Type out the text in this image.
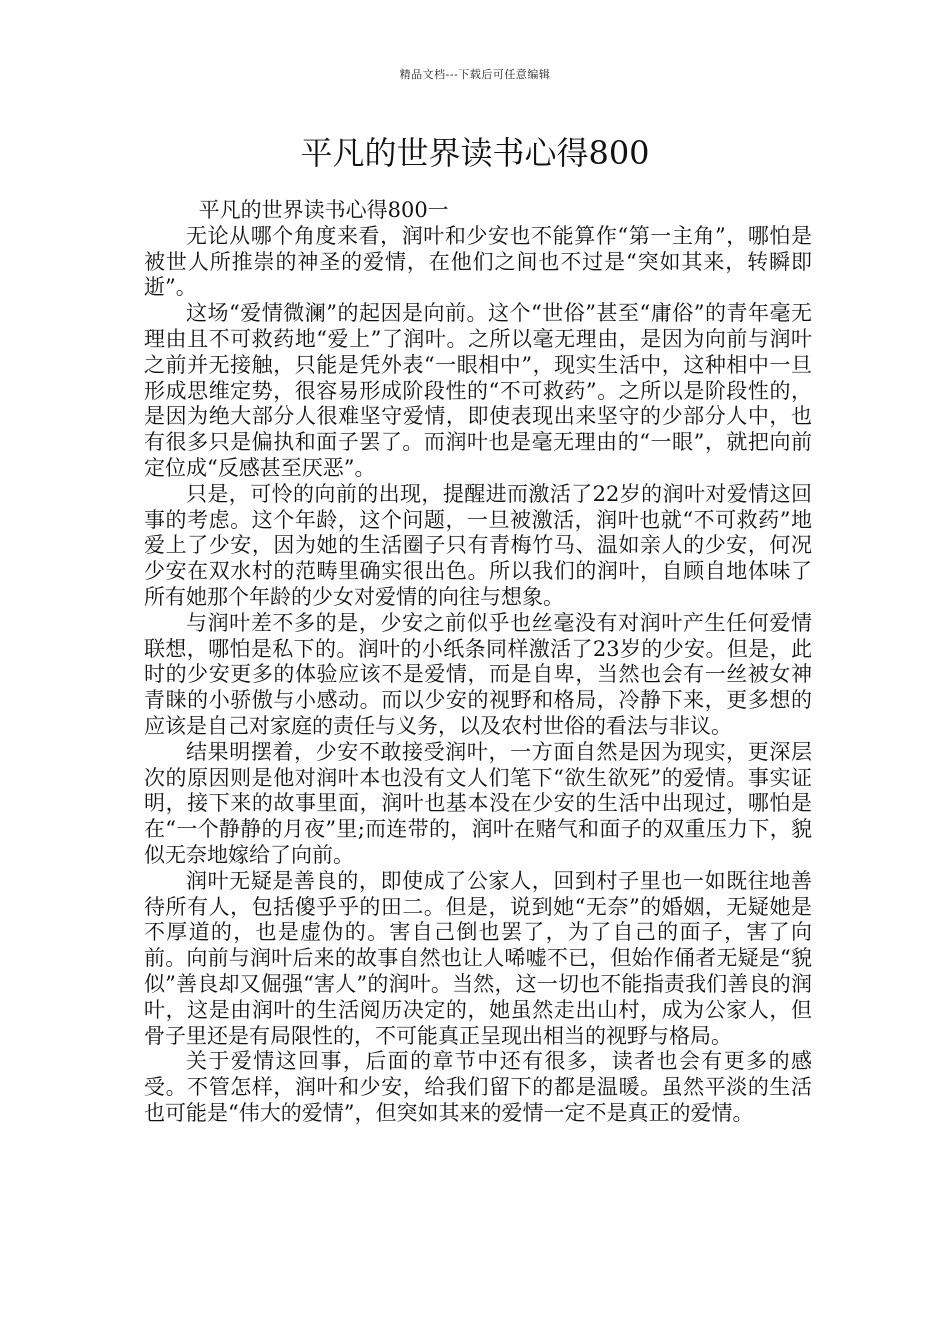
精品文档---下载后可任意编辑
平凡的世界读书心得800

平凡的世界读书心得800一

无论从哪个角度来看，润叶和少安也不能算作“第一主角”，哪怕是被世人所推崇的神圣的爱情，在他们之间也不过是“突如其来，转瞬即逝”。

这场“爱情微澜”的起因是向前。这个“世俗”甚至“庸俗”的青年毫无理由且不可救药地“爱上”了润叶。之所以毫无理由，是因为向前与润叶之前并无接触，只能是凭外表“一眼相中”，现实生活中，这种相中一旦形成思维定势，很容易形成阶段性的“不可救药”。之所以是阶段性的，是因为绝大部分人很难坚守爱情，即使表现出来坚守的少部分人中，也有很多只是偏执和面子罢了。而润叶也是毫无理由的“一眼”，就把向前定位成“反感甚至厌恶”。

只是，可怜的向前的出现，提醒进而激活了22岁的润叶对爱情这回事的考虑。这个年龄，这个问题，一旦被激活，润叶也就“不可救药”地爱上了少安，因为她的生活圈子只有青梅竹马、温如亲人的少安，何况少安在双水村的范畴里确实很出色。所以我们的润叶，自顾自地体味了所有她那个年龄的少女对爱情的向往与想象。

与润叶差不多的是，少安之前似乎也丝毫没有对润叶产生任何爱情联想，哪怕是私下的。润叶的小纸条同样激活了23岁的少安。但是，此时的少安更多的体验应该不是爱情，而是自卑，当然也会有一丝被女神青睐的小骄傲与小感动。而以少安的视野和格局，冷静下来，更多想的应该是自己对家庭的责任与义务，以及农村世俗的看法与非议。

结果明摆着，少安不敢接受润叶，一方面自然是因为现实，更深层次的原因则是他对润叶本也没有文人们笔下“欲生欲死”的爱情。事实证明，接下来的故事里面，润叶也基本没在少安的生活中出现过，哪怕是在“一个静静的月夜”里;而连带的，润叶在赌气和面子的双重压力下，貌似无奈地嫁给了向前。

润叶无疑是善良的，即使成了公家人，回到村子里也一如既往地善待所有人，包括傻乎乎的田二。但是，说到她“无奈”的婚姻，无疑她是不厚道的，也是虚伪的。害自己倒也罢了，为了自己的面子，害了向前。向前与润叶后来的故事自然也让人唏嘘不已，但始作俑者无疑是“貌似”善良却又倔强“害人”的润叶。当然，这一切也不能指责我们善良的润叶，这是由润叶的生活阅历决定的，她虽然走出山村，成为公家人，但骨子里还是有局限性的，不可能真正呈现出相当的视野与格局。

关于爱情这回事，后面的章节中还有很多，读者也会有更多的感受。不管怎样，润叶和少安，给我们留下的都是温暖。虽然平淡的生活也可能是“伟大的爱情”，但突如其来的爱情一定不是真正的爱情。
